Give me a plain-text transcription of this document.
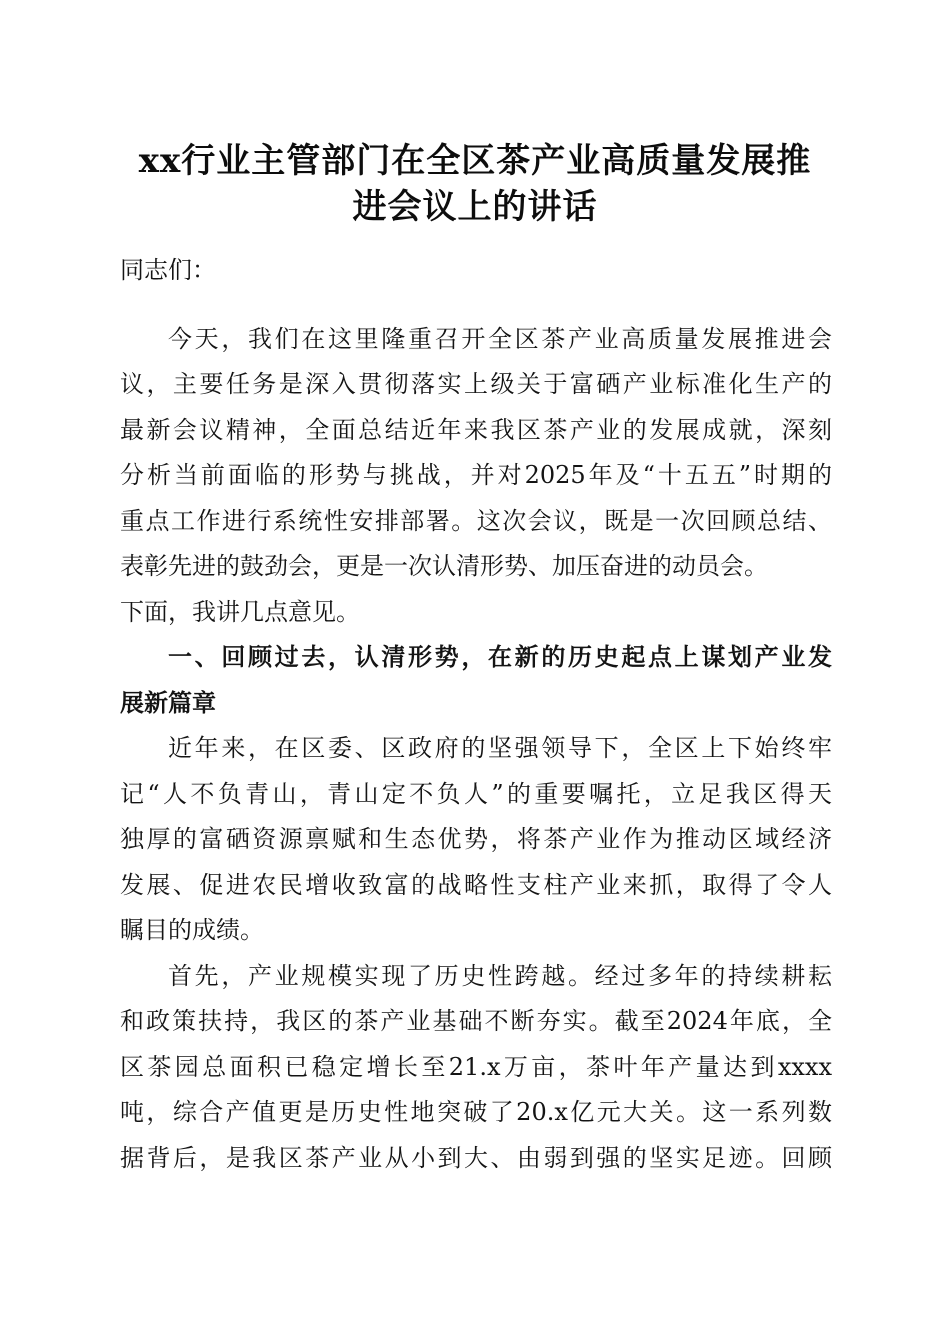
xx行业主管部门在全区茶产业高质量发展推
进会议上的讲话
同志们：
今天，我们在这里隆重召开全区茶产业高质量发展推进会
议，主要任务是深入贯彻落实上级关于富硒产业标准化生产的
最新会议精神，全面总结近年来我区茶产业的发展成就，深刻
分析当前面临的形势与挑战，并对2025年及“十五五”时期的
重点工作进行系统性安排部署。这次会议，既是一次回顾总结、
表彰先进的鼓劲会，更是一次认清形势、加压奋进的动员会。
下面，我讲几点意见。
一、回顾过去，认清形势，在新的历史起点上谋划产业发
展新篇章
近年来，在区委、区政府的坚强领导下，全区上下始终牢
记“人不负青山，青山定不负人”的重要嘱托，立足我区得天
独厚的富硒资源禀赋和生态优势，将茶产业作为推动区域经济
发展、促进农民增收致富的战略性支柱产业来抓，取得了令人
瞩目的成绩。
首先，产业规模实现了历史性跨越。经过多年的持续耕耘
和政策扶持，我区的茶产业基础不断夯实。截至2024年底，全
区茶园总面积已稳定增长至21.x万亩，茶叶年产量达到xxxx
吨，综合产值更是历史性地突破了20.x亿元大关。这一系列数
据背后，是我区茶产业从小到大、由弱到强的坚实足迹。回顾
